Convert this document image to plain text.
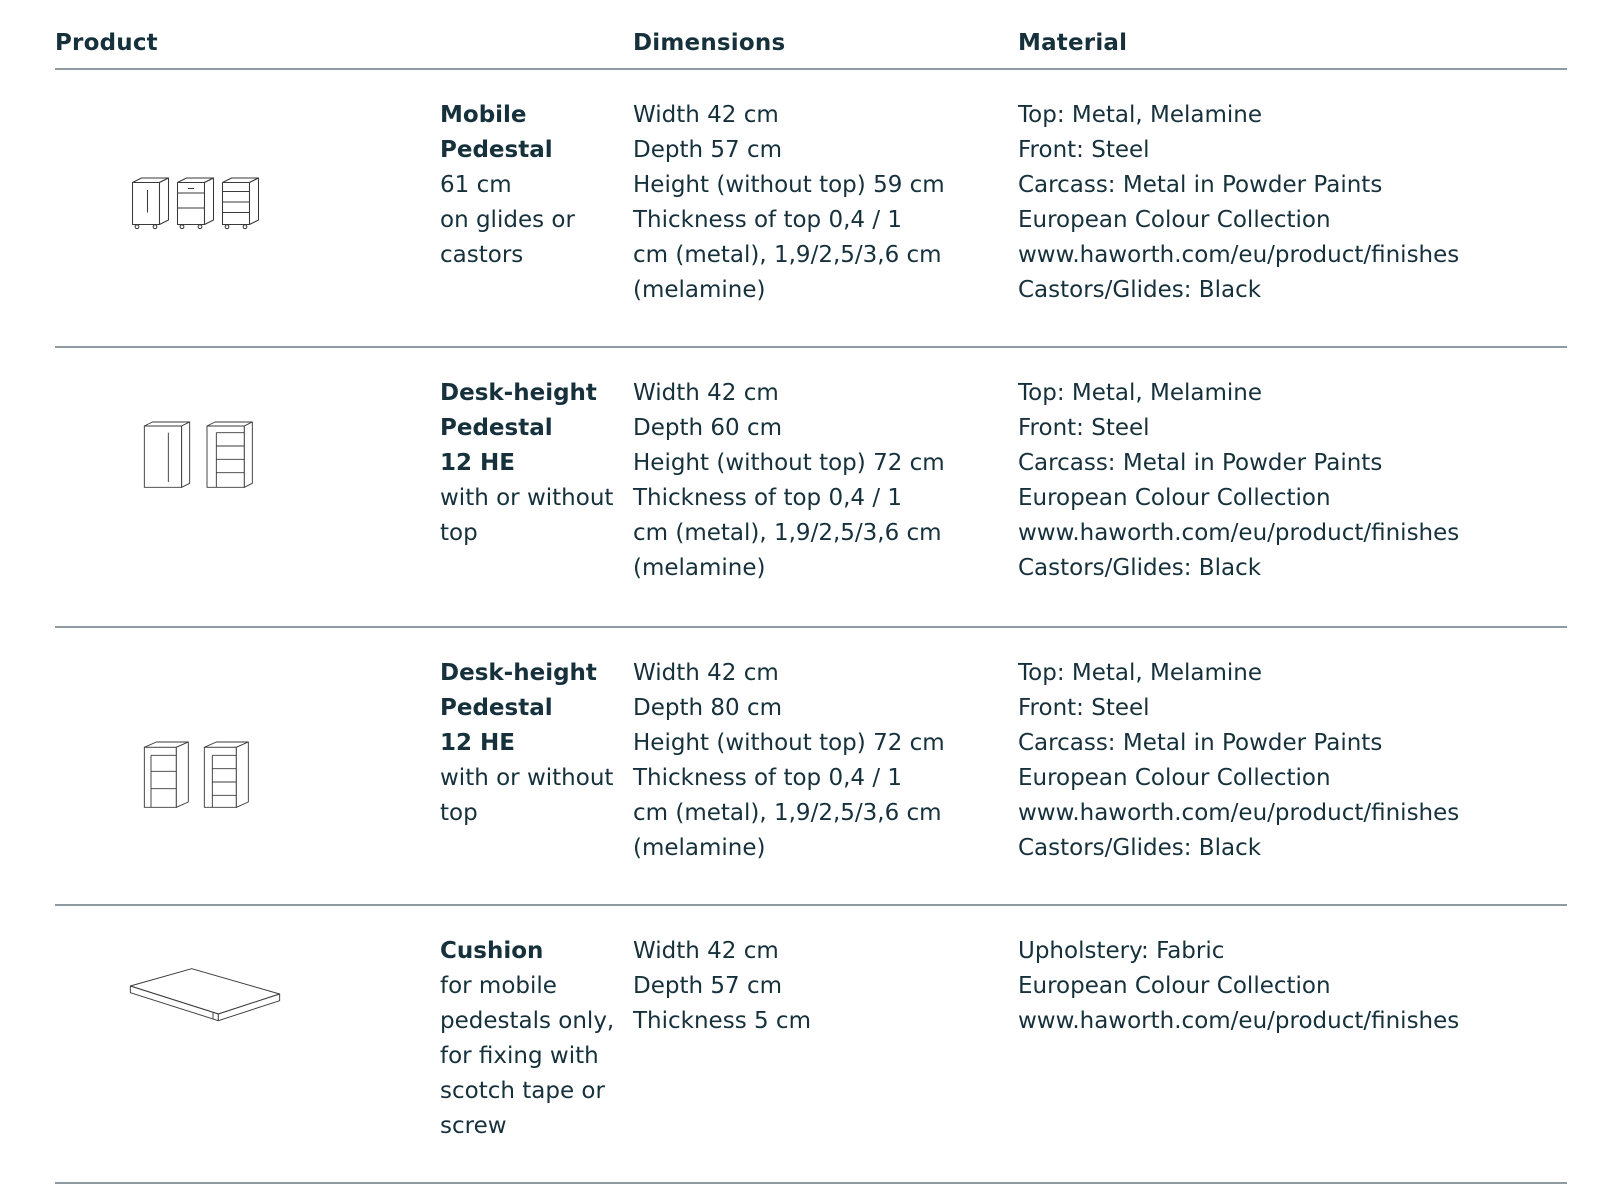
Product	Dimensions	Material
Mobile
Pedestal
61 cm
on glides or
castors
Width 42 cm
Depth 57 cm
Height (without top) 59 cm
Thickness of top 0,4 / 1
cm (metal), 1,9/2,5/3,6 cm
(melamine)
Top: Metal, Melamine
Front: Steel
Carcass: Metal in Powder Paints
European Colour Collection
www.haworth.com/eu/product/finishes
Castors/Glides: Black
Desk-height
Pedestal
12 HE
with or without
top
Width 42 cm
Depth 60 cm
Height (without top) 72 cm
Thickness of top 0,4 / 1
cm (metal), 1,9/2,5/3,6 cm
(melamine)
Top: Metal, Melamine
Front: Steel
Carcass: Metal in Powder Paints
European Colour Collection
www.haworth.com/eu/product/finishes
Castors/Glides: Black
Desk-height
Pedestal
12 HE
with or without
top
Width 42 cm
Depth 80 cm
Height (without top) 72 cm
Thickness of top 0,4 / 1
cm (metal), 1,9/2,5/3,6 cm
(melamine)
Top: Metal, Melamine
Front: Steel
Carcass: Metal in Powder Paints
European Colour Collection
www.haworth.com/eu/product/finishes
Castors/Glides: Black
Cushion
for mobile
pedestals only,
for fixing with
scotch tape or
screw
Width 42 cm
Depth 57 cm
Thickness 5 cm
Upholstery: Fabric
European Colour Collection
www.haworth.com/eu/product/finishes
